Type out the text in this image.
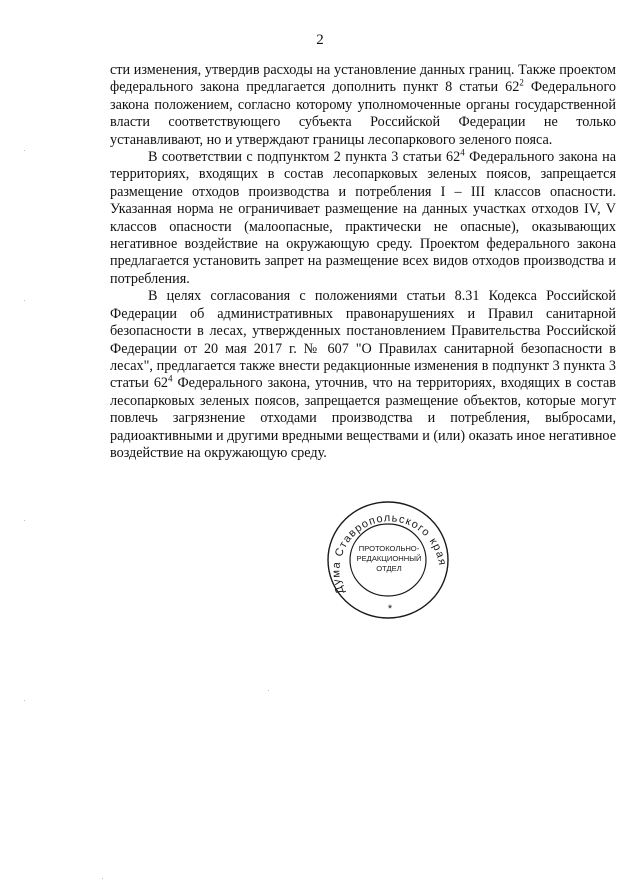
2

сти изменения, утвердив расходы на установление данных границ. Также проектом федерального закона предлагается дополнить пункт 8 статьи $62^2$ Федерального закона положением, согласно которому уполномоченные органы государственной власти соответствующего субъекта Российской Федерации не только устанавливают, но и утверждают границы лесопаркового зеленого пояса.

В соответствии с подпунктом 2 пункта 3 статьи $62^4$ Федерального закона на территориях, входящих в состав лесопарковых зеленых поясов, запрещается размещение отходов производства и потребления I – III классов опасности. Указанная норма не ограничивает размещение на данных участках отходов IV, V классов опасности (малоопасные, практически не опасные), оказывающих негативное воздействие на окружающую среду. Проектом федерального закона предлагается установить запрет на размещение всех видов отходов производства и потребления.

В целях согласования с положениями статьи 8.31 Кодекса Российской Федерации об административных правонарушениях и Правил санитарной безопасности в лесах, утвержденных постановлением Правительства Российской Федерации от 20 мая 2017 г. № 607 "О Правилах санитарной безопасности в лесах", предлагается также внести редакционные изменения в подпункт 3 пункта 3 статьи $62^4$ Федерального закона, уточнив, что на территориях, входящих в состав лесопарковых зеленых поясов, запрещается размещение объектов, которые могут повлечь загрязнение отходами производства и потребления, выбросами, радиоактивными и другими вредными веществами и (или) оказать иное негативное воздействие на окружающую среду.

Дума Ставропольского края
ПРОТОКОЛЬНО-
РЕДАКЦИОННЫЙ
ОТДЕЛ
*
